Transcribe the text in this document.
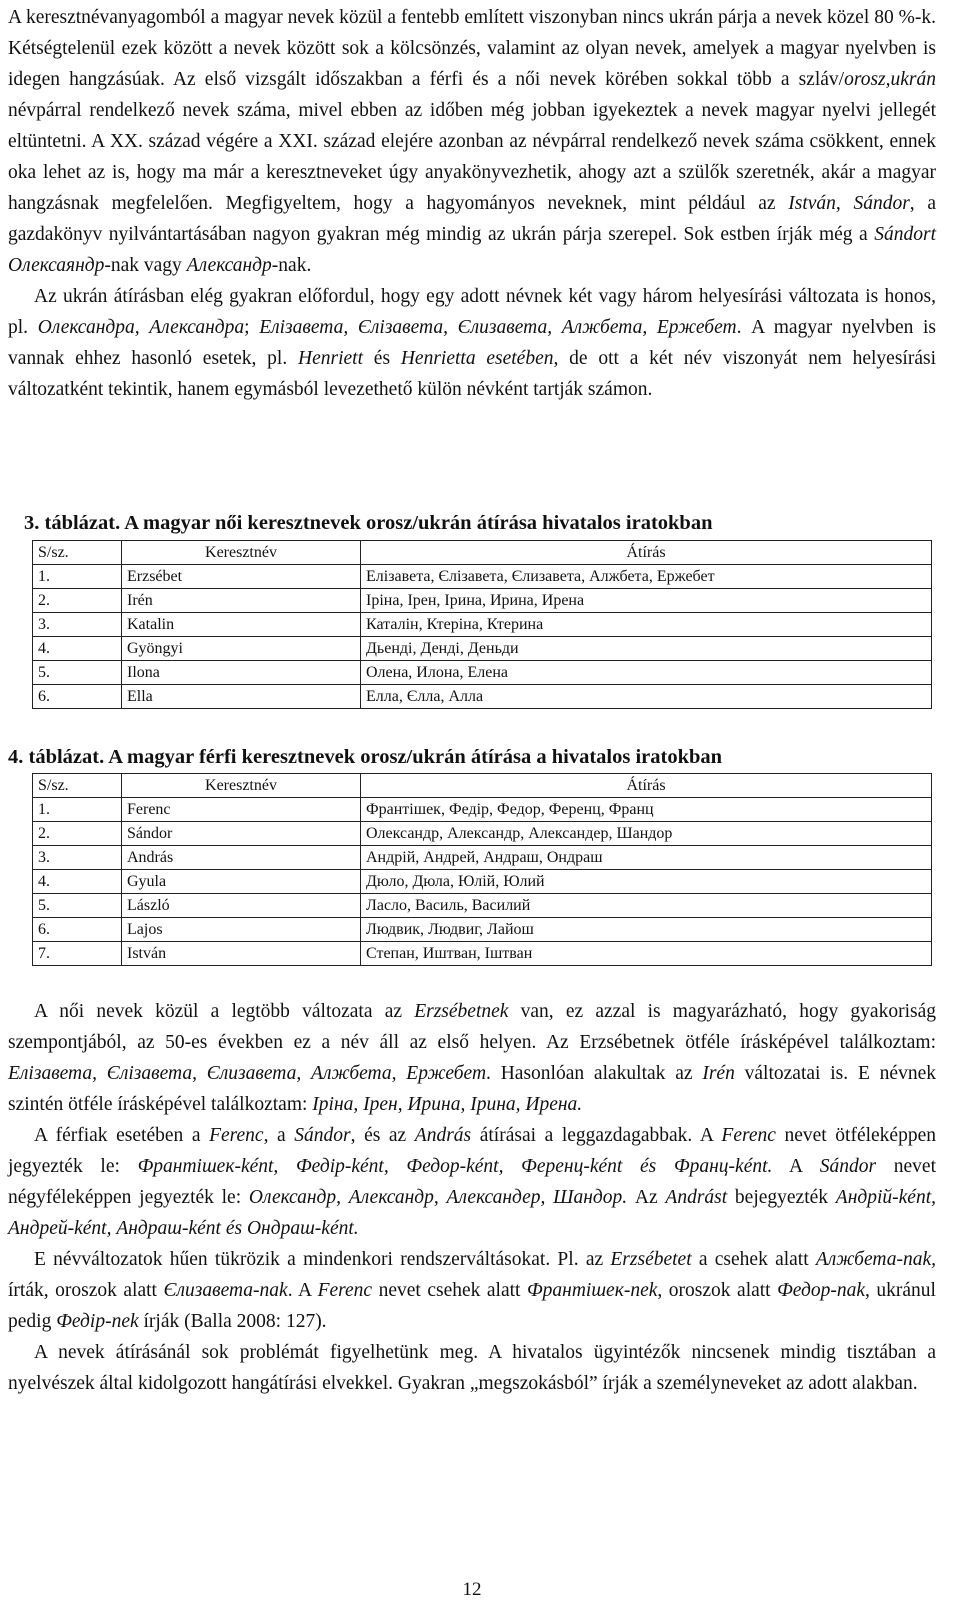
A keresztnévanyagomból a magyar nevek közül a fentebb említett viszonyban nincs ukrán párja a nevek közel 80 %-k. Kétségtelenül ezek között a nevek között sok a kölcsönzés, valamint az olyan nevek, amelyek a magyar nyelvben is idegen hangzásúak. Az első vizsgált időszakban a férfi és a női nevek körében sokkal több a szláv/orosz,ukrán névpárral rendelkező nevek száma, mivel ebben az időben még jobban igyekeztek a nevek magyar nyelvi jellegét eltüntetni. A XX. század végére a XXI. század elejére azonban az névpárral rendelkező nevek száma csökkent, ennek oka lehet az is, hogy ma már a keresztneveket úgy anyakönyvezhetik, ahogy azt a szülők szeretnék, akár a magyar hangzásnak megfelelően. Megfigyeltem, hogy a hagyományos neveknek, mint például az István, Sándor, a gazdakönyv nyilvántartásában nagyon gyakran még mindig az ukrán párja szerepel. Sok estben írják még a Sándort Олексаяндр-nak vagy Александр-nak.

Az ukrán átírásban elég gyakran előfordul, hogy egy adott névnek két vagy három helyesírási változata is honos, pl. Олександра, Александра; Елізавета, Єлізавета, Єлизавета, Алжбета, Ержебет. A magyar nyelvben is vannak ehhez hasonló esetek, pl. Henriett és Henrietta esetében, de ott a két név viszonyát nem helyesírási változatként tekintik, hanem egymásból levezethető külön névként tartják számon.

3. táblázat. A magyar női keresztnevek orosz/ukrán átírása hivatalos iratokban
S/sz.	Keresztnév	Átírás
1.	Erzsébet	Елізавета, Єлізавета, Єлизавета, Алжбета, Ержебет
2.	Irén	Іріна, Ірен, Ірина, Ирина, Ирена
3.	Katalin	Каталін, Ктеріна, Ктерина
4.	Gyöngyi	Дьенді, Денді, Деньди
5.	Ilona	Олена, Илона, Елена
6.	Ella	Елла, Єлла, Алла
4. táblázat. A magyar férfi keresztnevek orosz/ukrán átírása a hivatalos iratokban
S/sz.	Keresztnév	Átírás
1.	Ferenc	Франтішек, Федір, Федор, Ференц, Франц
2.	Sándor	Олександр, Александр, Александер, Шандор
3.	András	Андрій, Андрей, Андраш, Ондраш
4.	Gyula	Дюло, Дюла, Юлій, Юлий
5.	László	Ласло, Василь, Василий
6.	Lajos	Людвик, Людвиг, Лайош
7.	István	Степан, Иштван, Іштван

A női nevek közül a legtöbb változata az Erzsébetnek van, ez azzal is magyarázható, hogy gyakoriság szempontjából, az 50-es években ez a név áll az első helyen. Az Erzsébetnek ötféle írásképével találkoztam: Елізавета, Єлізавета, Єлизавета, Алжбета, Ержебет. Hasonlóan alakultak az Irén változatai is. E névnek szintén ötféle írásképével találkoztam: Іріна, Ірен, Ирина, Ірина, Ирена.

A férfiak esetében a Ferenc, a Sándor, és az András átírásai a leggazdagabbak. A Ferenc nevet ötféleképpen jegyezték le: Франтішек-ként, Федір-ként, Федор-ként, Ференц-ként és Франц-ként. A Sándor nevet négyféleképpen jegyezték le: Олександр, Александр, Александер, Шандор. Az Andrást bejegyezték Андрій-ként, Андрей-ként, Андраш-ként és Ондраш-ként.

E névváltozatok hűen tükrözik a mindenkori rendszerváltásokat. Pl. az Erzsébetet a csehek alatt Алжбета-nak, írták, oroszok alatt Єлизавета-nak. A Ferenc nevet csehek alatt Франтішек-nek, oroszok alatt Федор-nak, ukránul pedig Федір-nek írják (Balla 2008: 127).

A nevek átírásánál sok problémát figyelhetünk meg. A hivatalos ügyintézők nincsenek mindig tisztában a nyelvészek által kidolgozott hangátírási elvekkel. Gyakran „megszokásból” írják a személyneveket az adott alakban.

12
